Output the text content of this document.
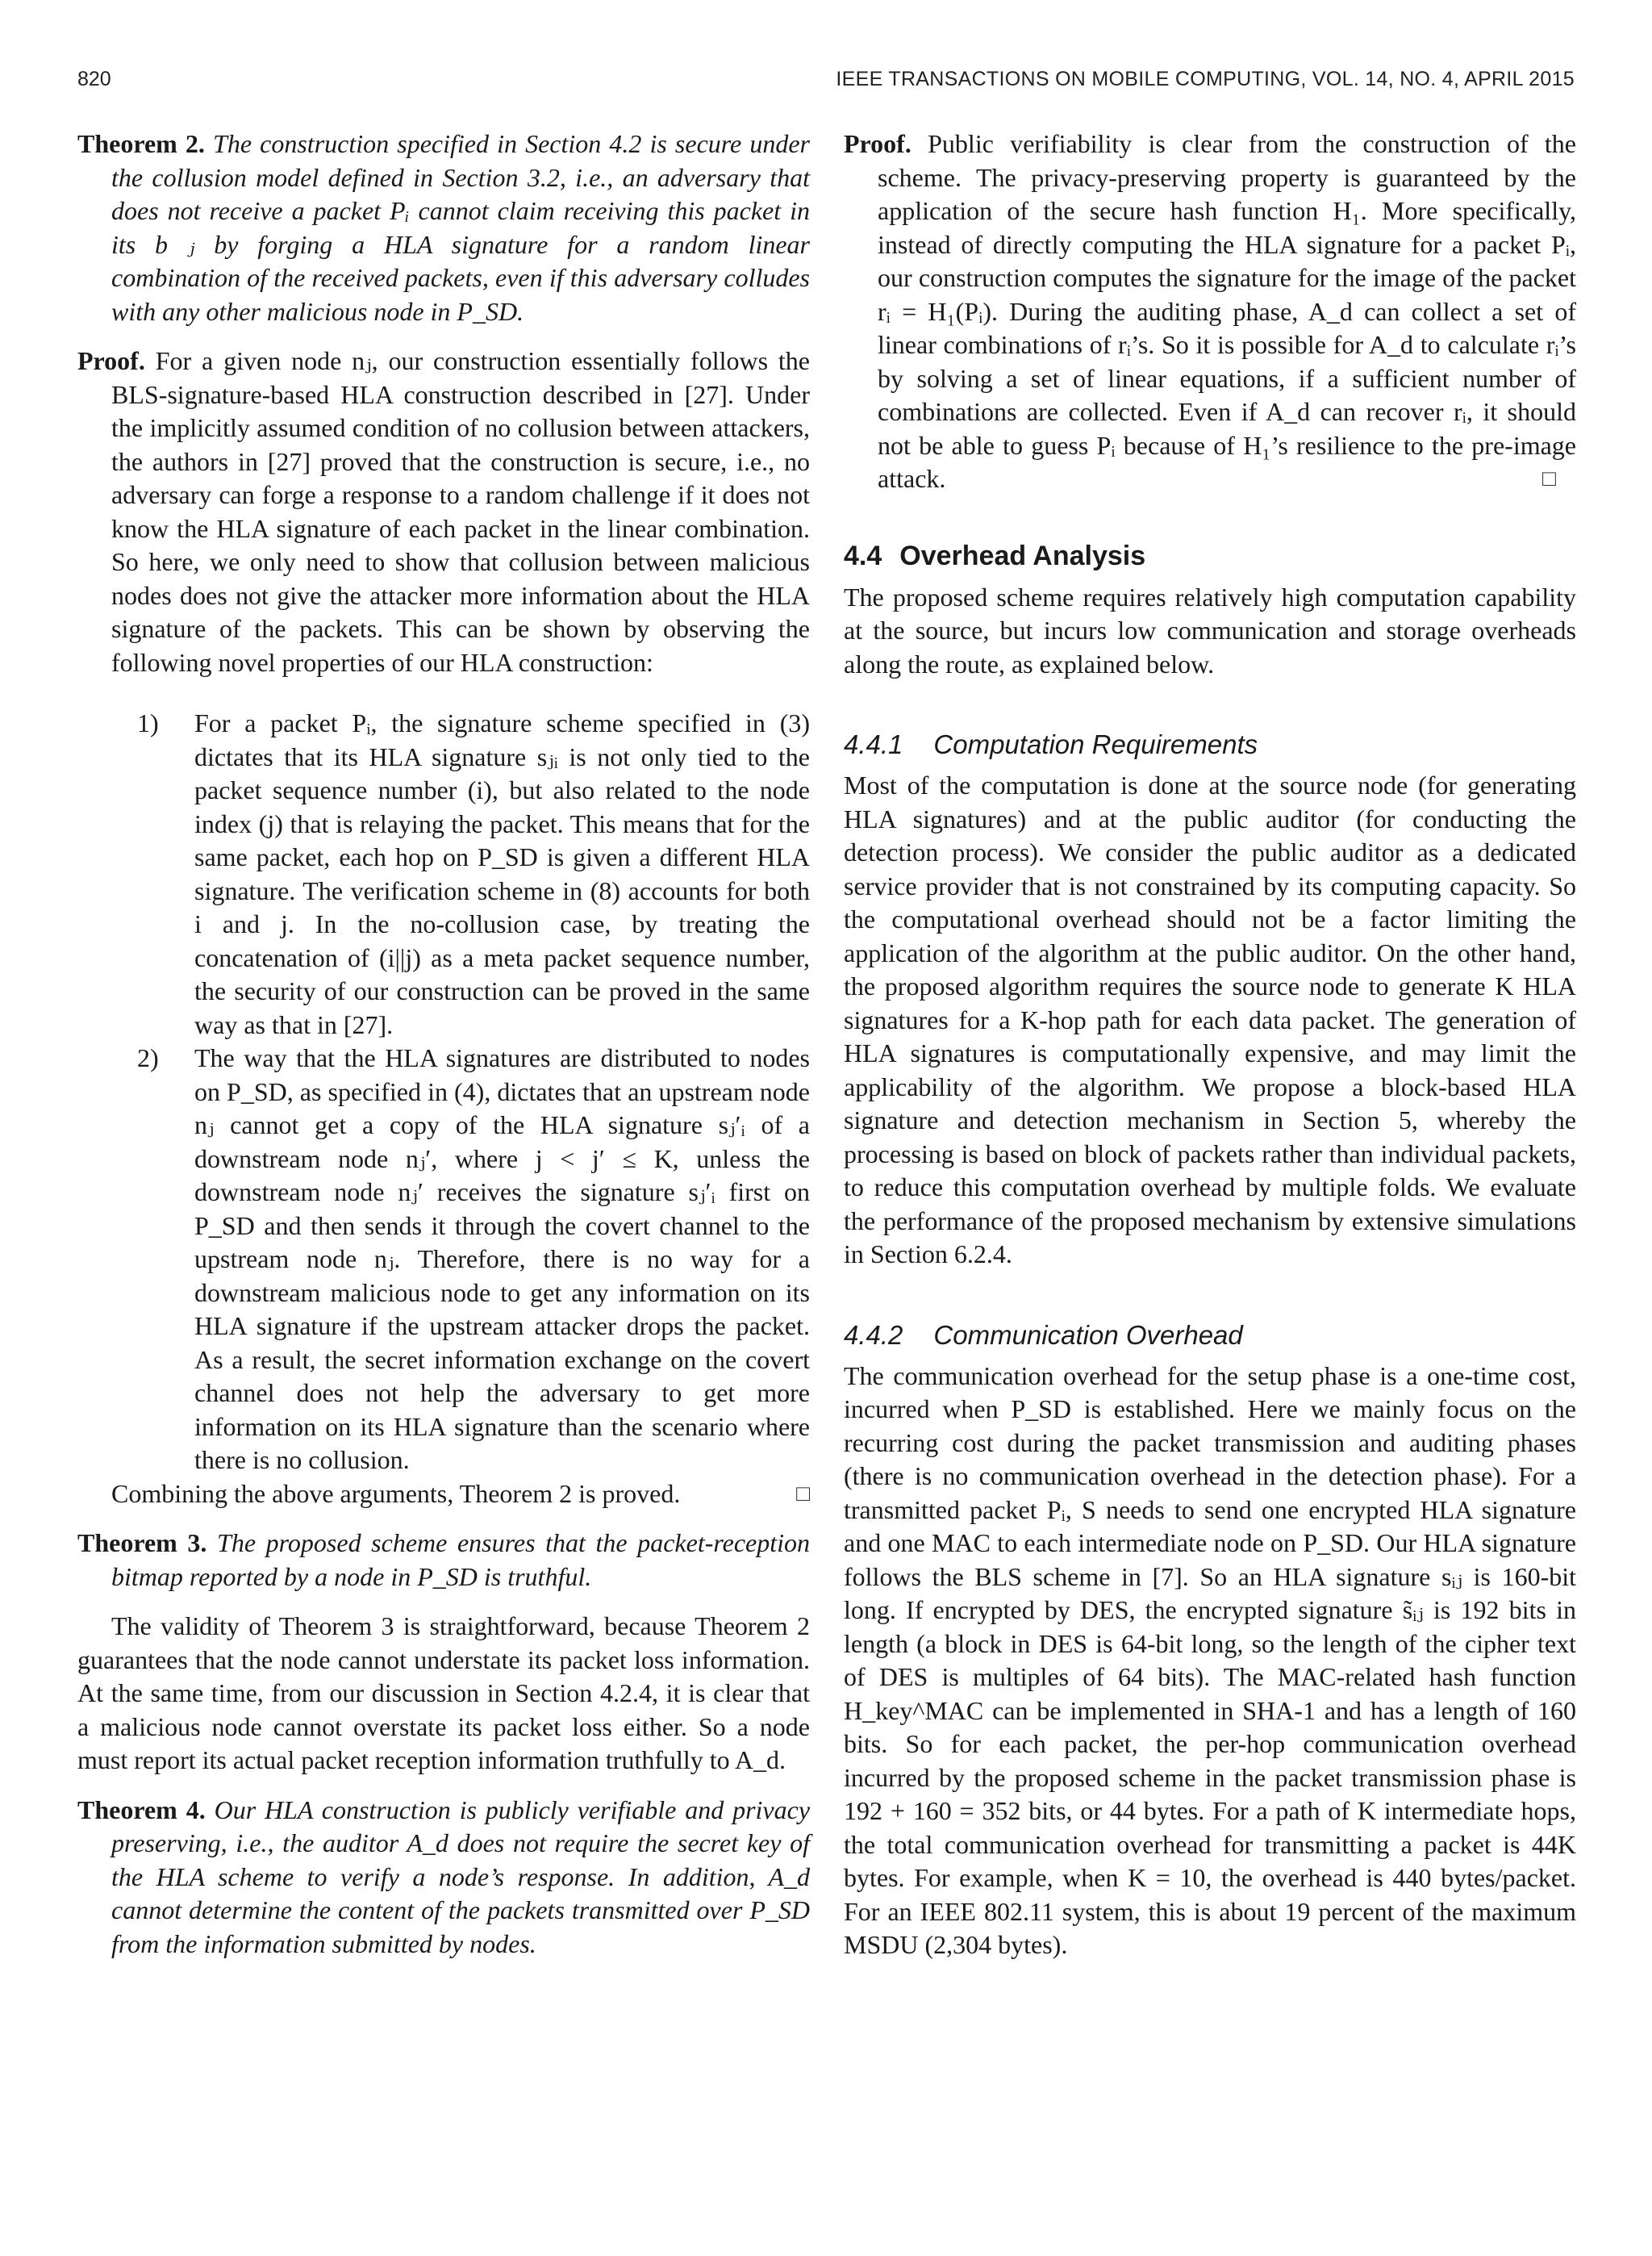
820	IEEE TRANSACTIONS ON MOBILE COMPUTING, VOL. 14, NO. 4, APRIL 2015

Theorem 2. The construction specified in Section 4.2 is secure under the collusion model defined in Section 3.2, i.e., an adversary that does not receive a packet Pᵢ cannot claim receiving this packet in its b⃗ⱼ by forging a HLA signature for a random linear combination of the received packets, even if this adversary colludes with any other malicious node in P_SD.

Proof. For a given node nⱼ, our construction essentially follows the BLS-signature-based HLA construction described in [27]. Under the implicitly assumed condition of no collusion between attackers, the authors in [27] proved that the construction is secure, i.e., no adversary can forge a response to a random challenge if it does not know the HLA signature of each packet in the linear combination. So here, we only need to show that collusion between malicious nodes does not give the attacker more information about the HLA signature of the packets. This can be shown by observing the following novel properties of our HLA construction:

1) For a packet Pᵢ, the signature scheme specified in (3) dictates that its HLA signature sⱼᵢ is not only tied to the packet sequence number (i), but also related to the node index (j) that is relaying the packet. This means that for the same packet, each hop on P_SD is given a different HLA signature. The verification scheme in (8) accounts for both i and j. In the no-collusion case, by treating the concatenation of (i||j) as a meta packet sequence number, the security of our construction can be proved in the same way as that in [27].

2) The way that the HLA signatures are distributed to nodes on P_SD, as specified in (4), dictates that an upstream node nⱼ cannot get a copy of the HLA signature sⱼ′ᵢ of a downstream node nⱼ′, where j < j′ ≤ K, unless the downstream node nⱼ′ receives the signature sⱼ′ᵢ first on P_SD and then sends it through the covert channel to the upstream node nⱼ. Therefore, there is no way for a downstream malicious node to get any information on its HLA signature if the upstream attacker drops the packet. As a result, the secret information exchange on the covert channel does not help the adversary to get more information on its HLA signature than the scenario where there is no collusion.

□
Combining the above arguments, Theorem 2 is proved.

Theorem 3. The proposed scheme ensures that the packet-reception bitmap reported by a node in P_SD is truthful.

The validity of Theorem 3 is straightforward, because Theorem 2 guarantees that the node cannot understate its packet loss information. At the same time, from our discussion in Section 4.2.4, it is clear that a malicious node cannot overstate its packet loss either. So a node must report its actual packet reception information truthfully to A_d.

Theorem 4. Our HLA construction is publicly verifiable and privacy preserving, i.e., the auditor A_d does not require the secret key of the HLA scheme to verify a node’s response. In addition, A_d cannot determine the content of the packets transmitted over P_SD from the information submitted by nodes.

Proof. Public verifiability is clear from the construction of the scheme. The privacy-preserving property is guaranteed by the application of the secure hash function H₁. More specifically, instead of directly computing the HLA signature for a packet Pᵢ, our construction computes the signature for the image of the packet rᵢ = H₁(Pᵢ). During the auditing phase, A_d can collect a set of linear combinations of rᵢ’s. So it is possible for A_d to calculate rᵢ’s by solving a set of linear equations, if a sufficient number of combinations are collected. Even if A_d can recover rᵢ, it should not be able to guess Pᵢ because of H₁’s resilience to the pre-image attack.	□

4.4 Overhead Analysis

The proposed scheme requires relatively high computation capability at the source, but incurs low communication and storage overheads along the route, as explained below.

4.4.1 Computation Requirements

Most of the computation is done at the source node (for generating HLA signatures) and at the public auditor (for conducting the detection process). We consider the public auditor as a dedicated service provider that is not constrained by its computing capacity. So the computational overhead should not be a factor limiting the application of the algorithm at the public auditor. On the other hand, the proposed algorithm requires the source node to generate K HLA signatures for a K-hop path for each data packet. The generation of HLA signatures is computationally expensive, and may limit the applicability of the algorithm. We propose a block-based HLA signature and detection mechanism in Section 5, whereby the processing is based on block of packets rather than individual packets, to reduce this computation overhead by multiple folds. We evaluate the performance of the proposed mechanism by extensive simulations in Section 6.2.4.

4.4.2 Communication Overhead

The communication overhead for the setup phase is a one-time cost, incurred when P_SD is established. Here we mainly focus on the recurring cost during the packet transmission and auditing phases (there is no communication overhead in the detection phase). For a transmitted packet Pᵢ, S needs to send one encrypted HLA signature and one MAC to each intermediate node on P_SD. Our HLA signature follows the BLS scheme in [7]. So an HLA signature sᵢⱼ is 160-bit long. If encrypted by DES, the encrypted signature s̃ᵢⱼ is 192 bits in length (a block in DES is 64-bit long, so the length of the cipher text of DES is multiples of 64 bits). The MAC-related hash function H_key^MAC can be implemented in SHA-1 and has a length of 160 bits. So for each packet, the per-hop communication overhead incurred by the proposed scheme in the packet transmission phase is 192 + 160 = 352 bits, or 44 bytes. For a path of K intermediate hops, the total communication overhead for transmitting a packet is 44K bytes. For example, when K = 10, the overhead is 440 bytes/packet. For an IEEE 802.11 system, this is about 19 percent of the maximum MSDU (2,304 bytes).
